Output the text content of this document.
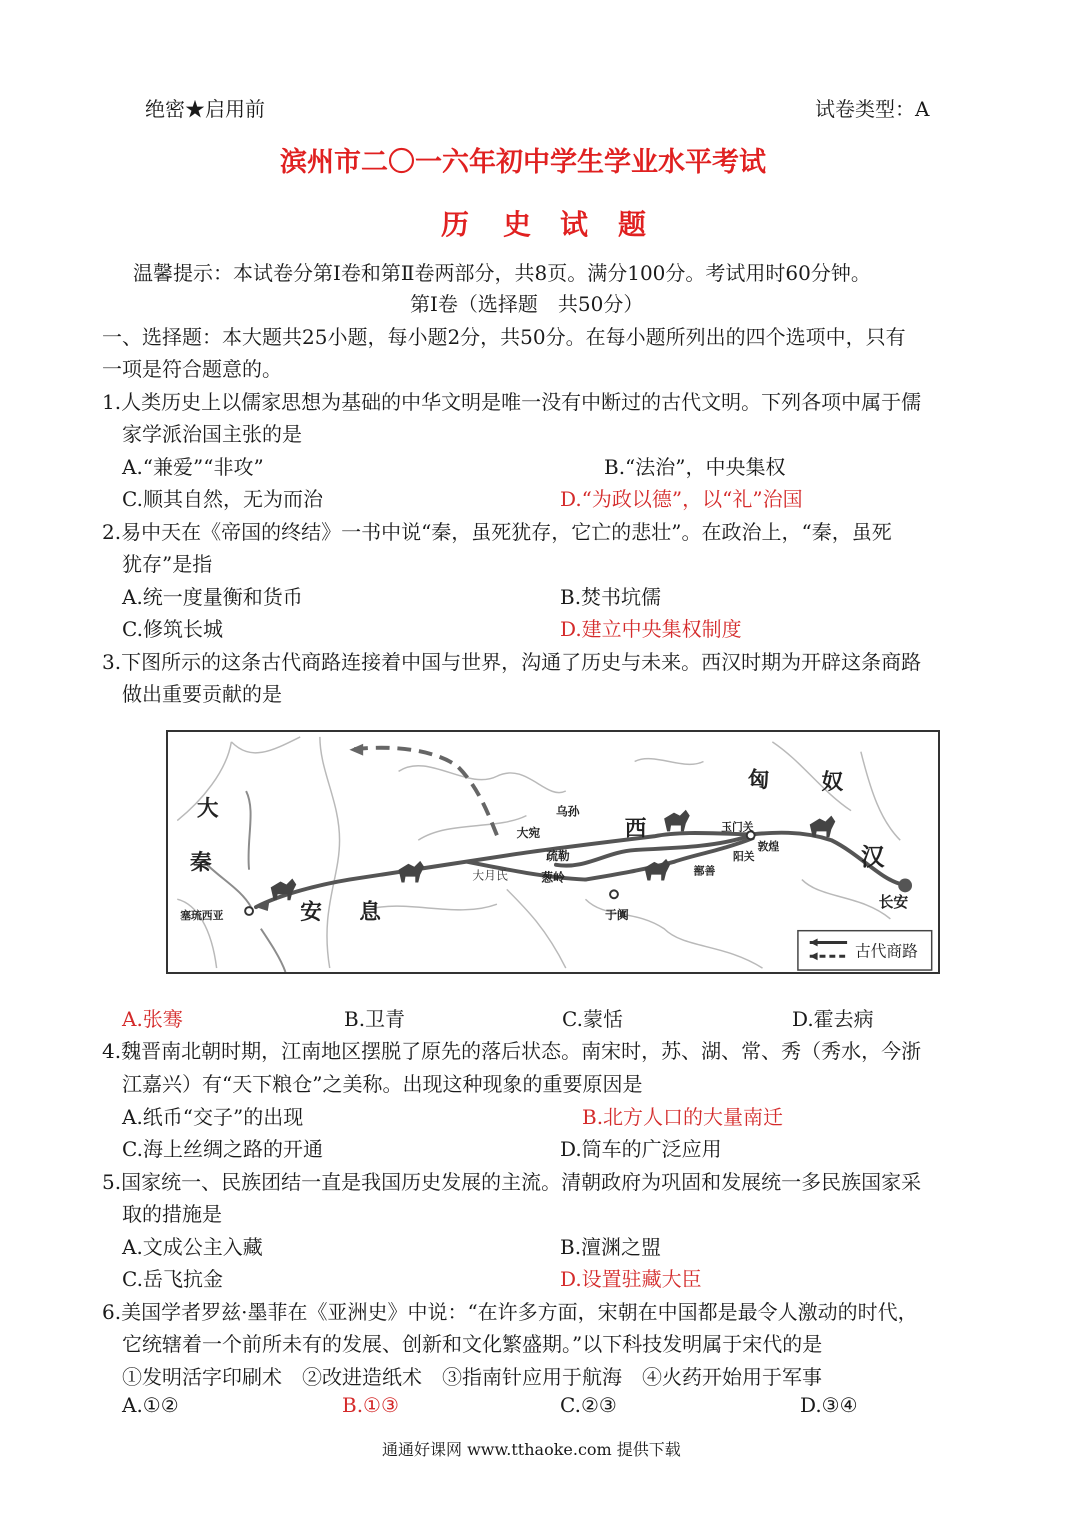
绝密★启用前	试卷类型：A
滨州市二〇一六年初中学生学业水平考试
历 史 试 题
温馨提示：本试卷分第Ⅰ卷和第Ⅱ卷两部分，共8页。满分100分。考试用时60分钟。
第Ⅰ卷（选择题　共50分）
一、选择题：本大题共25小题，每小题2分，共50分。在每小题所列出的四个选项中，只有
一项是符合题意的。
1.人类历史上以儒家思想为基础的中华文明是唯一没有中断过的古代文明。下列各项中属于儒
家学派治国主张的是
A.“兼爱”“非攻”	B.“法治”，中央集权
C.顺其自然，无为而治	D.“为政以德”，以“礼”治国
2.易中天在《帝国的终结》一书中说“秦，虽死犹存，它亡的悲壮”。在政治上，“秦，虽死
犹存”是指
A.统一度量衡和货币	B.焚书坑儒
C.修筑长城	D.建立中央集权制度
3.下图所示的这条古代商路连接着中国与世界，沟通了历史与未来。西汉时期为开辟这条商路
做出重要贡献的是
匈 奴
大
秦
安 息
西
汉
长安
大宛
乌孙
疏勒
葱岭
大月氏
于阗
玉门关
阳关
敦煌
鄯善
塞琉西亚
古代商路
A.张骞	B.卫青	C.蒙恬	D.霍去病
4.魏晋南北朝时期，江南地区摆脱了原先的落后状态。南宋时，苏、湖、常、秀（秀水，今浙
江嘉兴）有“天下粮仓”之美称。出现这种现象的重要原因是
A.纸币“交子”的出现	B.北方人口的大量南迁
C.海上丝绸之路的开通	D.筒车的广泛应用
5.国家统一、民族团结一直是我国历史发展的主流。清朝政府为巩固和发展统一多民族国家采
取的措施是
A.文成公主入藏	B.澶渊之盟
C.岳飞抗金	D.设置驻藏大臣
6.美国学者罗兹·墨菲在《亚洲史》中说：“在许多方面，宋朝在中国都是最令人激动的时代，
它统辖着一个前所未有的发展、创新和文化繁盛期。”以下科技发明属于宋代的是
①发明活字印刷术　②改进造纸术　③指南针应用于航海　④火药开始用于军事
A.①②	B.①③	C.②③	D.③④
通通好课网 www.tthaoke.com 提供下载
